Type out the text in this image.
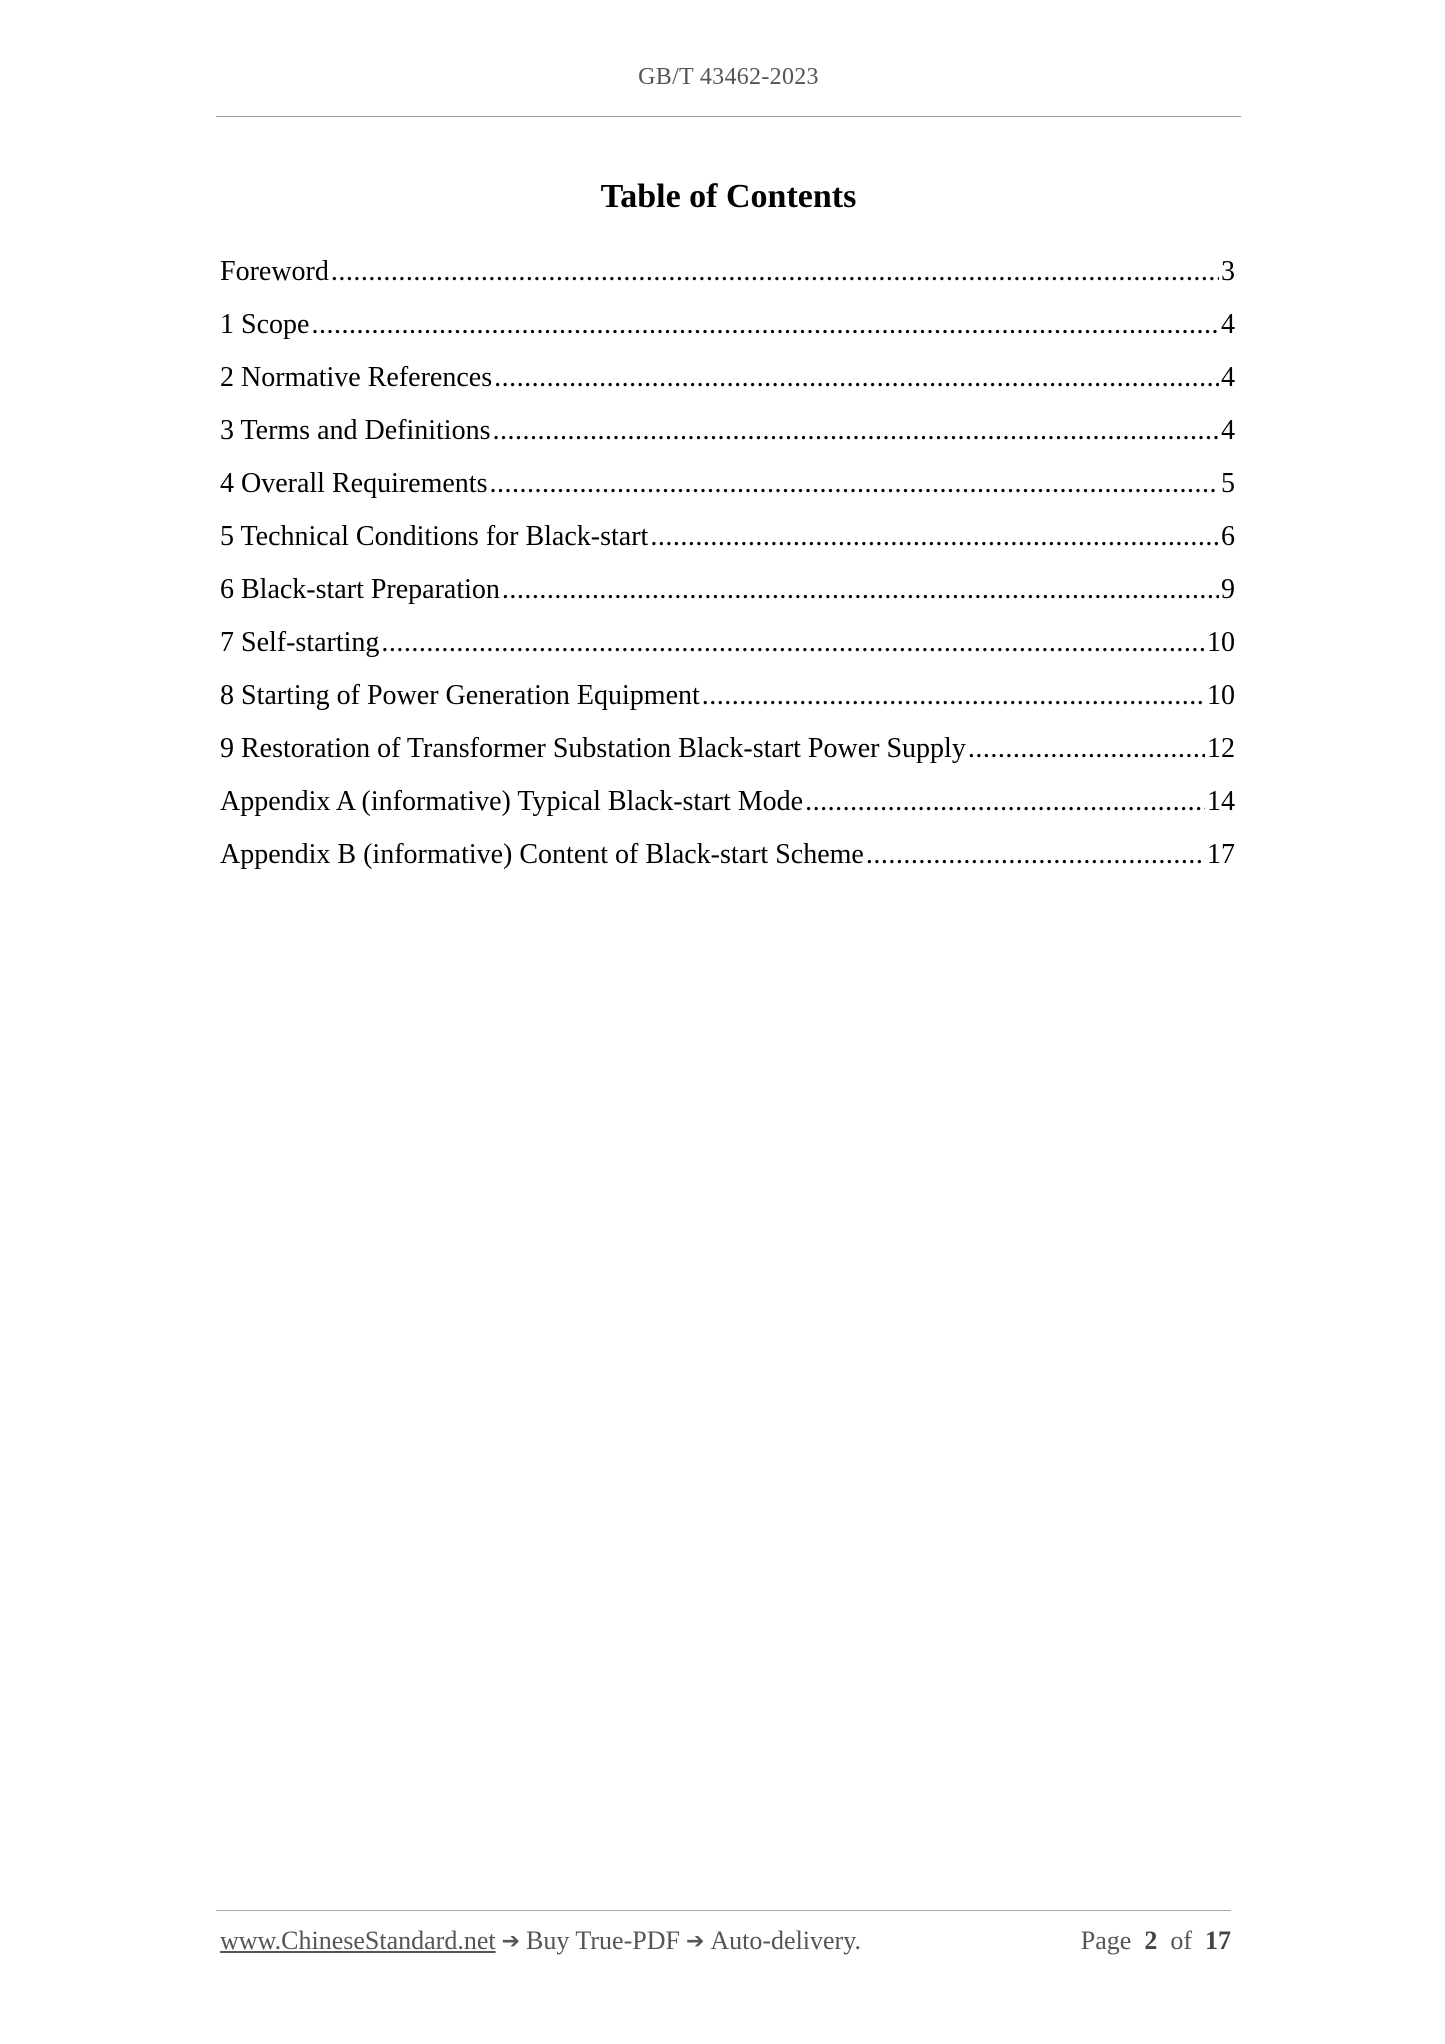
GB/T 43462-2023
Table of Contents
Foreword .....	3
1 Scope .....	4
2 Normative References .....	4
3 Terms and Definitions .....	4
4 Overall Requirements .....	5
5 Technical Conditions for Black-start .....	6
6 Black-start Preparation .....	9
7 Self-starting .....	10
8 Starting of Power Generation Equipment .....	10
9 Restoration of Transformer Substation Black-start Power Supply .....	12
Appendix A (informative) Typical Black-start Mode .....	14
Appendix B (informative) Content of Black-start Scheme .....	17
www.ChineseStandard.net ➔ Buy True-PDF ➔ Auto-delivery.	Page 2 of 17
